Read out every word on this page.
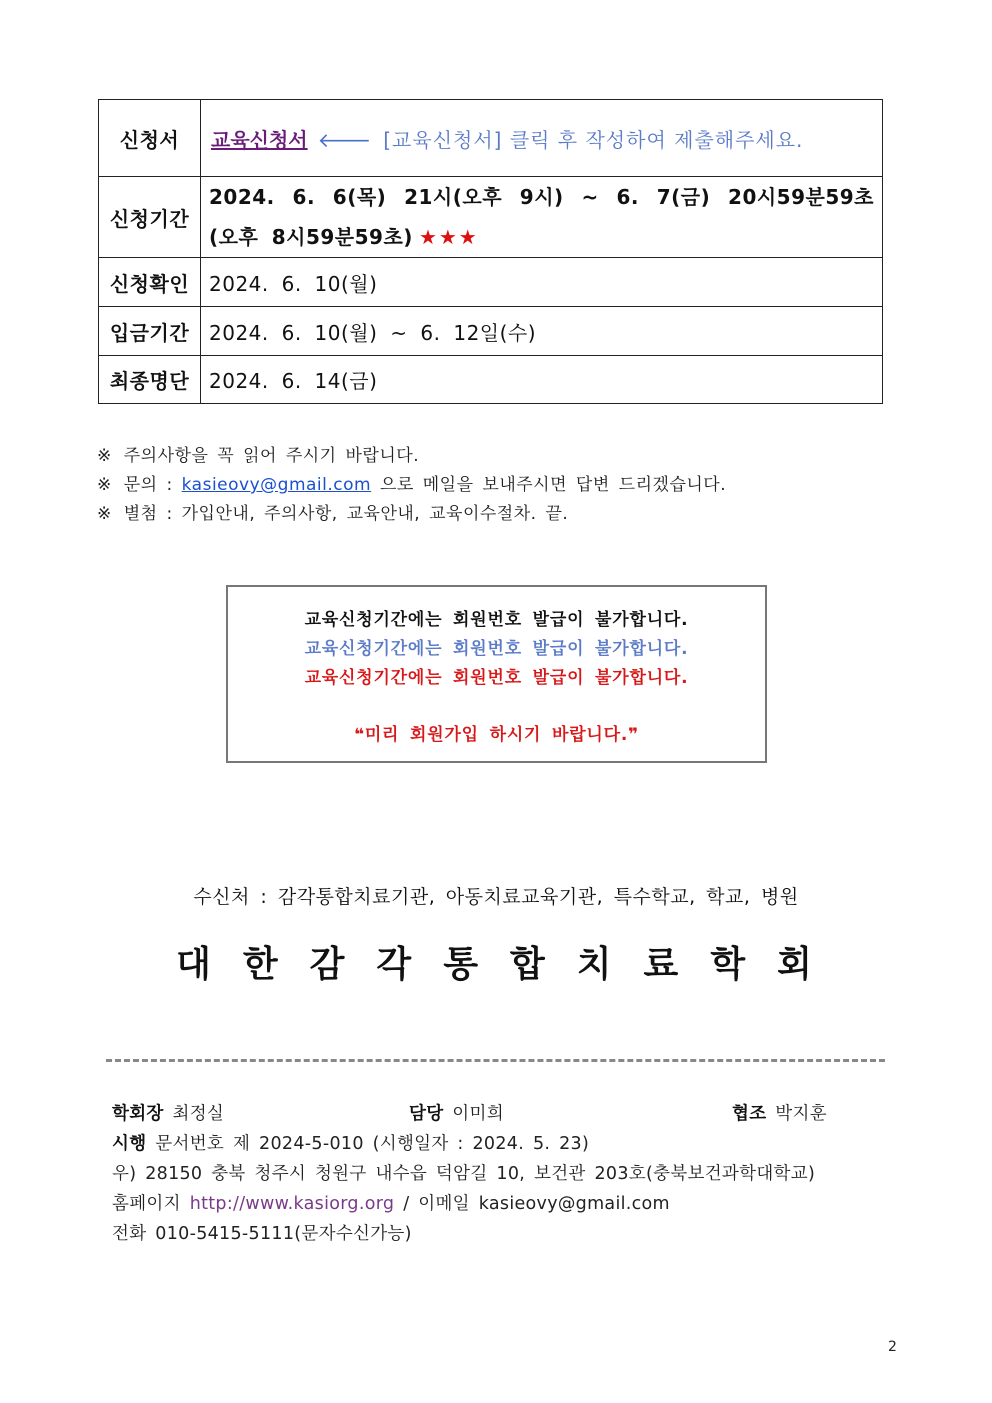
신청서	교육신청서 🡐 [교육신청서] 클릭 후 작성하여 제출해주세요.
신청기간	2024. 6. 6(목) 21시(오후 9시) ~ 6. 7(금) 20시59분59초 (오후 8시59분59초) ★★★

신청확인	2024. 6. 10(월)
입금기간	2024. 6. 10(월) ~ 6. 12일(수)
최종명단	2024. 6. 14(금)
※ 주의사항을 꼭 읽어 주시기 바랍니다.
※ 문의 : kasieovy@gmail.com 으로 메일을 보내주시면 답변 드리겠습니다.
※ 별첨 : 가입안내, 주의사항, 교육안내, 교육이수절차. 끝.
교육신청기간에는 회원번호 발급이 불가합니다.
교육신청기간에는 회원번호 발급이 불가합니다.
교육신청기간에는 회원번호 발급이 불가합니다.
❝미리 회원가입 하시기 바랍니다.❞
수신처 : 감각통합치료기관, 아동치료교육기관, 특수학교, 학교, 병원
대한감각통합치료학회
학회장 최정실	담당 이미희	협조 박지훈
시행 문서번호 제 2024-5-010 (시행일자 : 2024. 5. 23)
우) 28150 충북 청주시 청원구 내수읍 덕암길 10, 보건관 203호(충북보건과학대학교)
홈페이지 http://www.kasiorg.org / 이메일 kasieovy@gmail.com
전화 010-5415-5111(문자수신가능)
2
